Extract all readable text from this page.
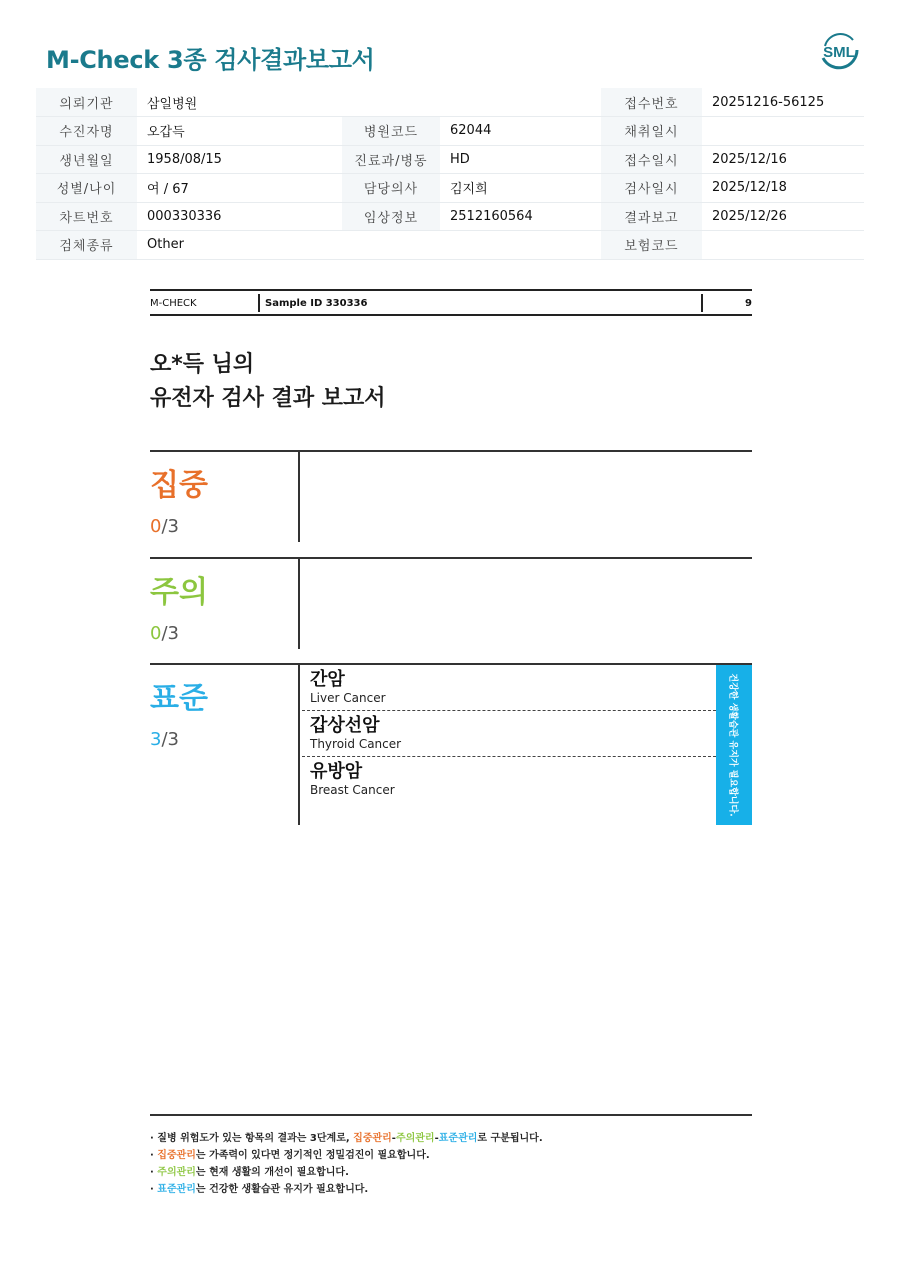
M-Check 3종 검사결과보고서	SML
의뢰기관	삼일병원			접수번호	20251216-56125
수진자명	오갑득	병원코드	62044	채취일시	
생년월일	1958/08/15	진료과/병동	HD	접수일시	2025/12/16
성별/나이	여 / 67	담당의사	김지희	검사일시	2025/12/18
차트번호	000330336	임상정보	2512160564	결과보고	2025/12/26
검체종류	Other			보험코드	
M-CHECK	Sample ID 330336	9
오*득 님의
유전자 검사 결과 보고서
집중
0/3
주의
0/3
표준
3/3
간암
Liver Cancer
갑상선암
Thyroid Cancer
유방암
Breast Cancer	건강한 생활습관 유지가 필요합니다.
· 질병 위험도가 있는 항목의 결과는 3단계로, 집중관리-주의관리-표준관리로 구분됩니다.
· 집중관리는 가족력이 있다면 정기적인 정밀검진이 필요합니다.
· 주의관리는 현재 생활의 개선이 필요합니다.
· 표준관리는 건강한 생활습관 유지가 필요합니다.
